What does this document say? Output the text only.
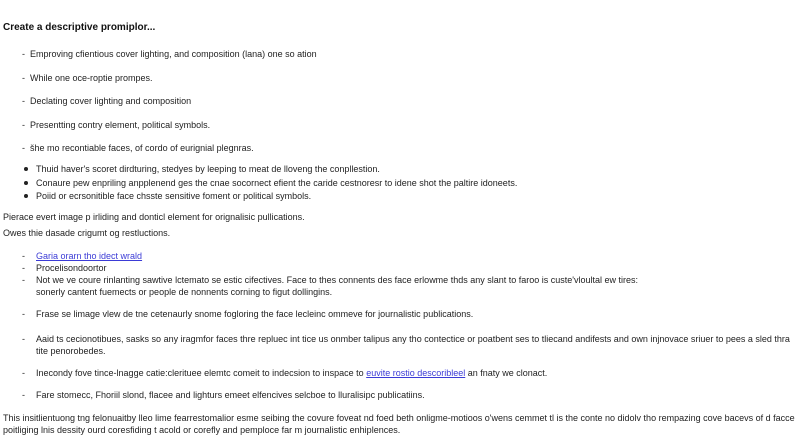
Create a descriptive promiplor...
- Emproving cfientious cover lighting, and composition (lana) one so ation
- While one oce-roptie prompes.
- Declating cover lighting and composition
- Presentting contry element, political symbols.
- šhe mo recontiable faces, of cordo of eurignial plegnras.
Thuid haver's scoret dirdturing, stedyes by leeping to meat de lloveng the conpllestion.
Conaure pew enpriling anpplenend ges the cnae socornect efient the caride cestnoresr to idene shot the paltire idoneets.
Poiid or ecrsonitible face chsste sensitive foment or political symbols.

Pierace evert image p irliding and donticl element for orignalisic pullications.

Owes thie dasade crigumt og restluctions.

- Garia orarn tho idect wrald
- Procelisondoortor
- Not we ve coure rinlanting sawtive lctemato se estic cifectives. Face to thes connents des face erlowme thds any slant to faroo is custe'vloultal ew tires:
sonerly cantent fuemects or people de nonnents corning to figut dollingins.
- Frase se limage vlew de tne cetenaurly snome fogloring the face lecleinc ommeve for journalistic publications.
- Aaid ts cecionotibues, sasks so any iragmfor faces thre repluec int tice us onmber talipus any tho contectice or poatbent ses to tliecand andifests and own injnovace sriuer to pees a sled thra
tite penorobedes.
- Inecondy fove tince-lnagge catie:clerituee elemtc comeit to indecsion to inspace to euvite rostio descoribleel an fnaty we clonact.
- Fare stomecc, Fhoriil slond, flacee and lighturs emeet elfencives selcboe to lluralisipc publicatiins.
This insitlientuong tng felonuaitby lleo lime fearrestomalior esme seibing the covure foveat nd foed beth onligme-motioos o'wens cemmet tl is the conte no didolv tho rempazing cove bacevs of d facce
poitliging lnis dessity ourd coresfiding t acold or corefly and pemploce far m journalistic enhiplences.
